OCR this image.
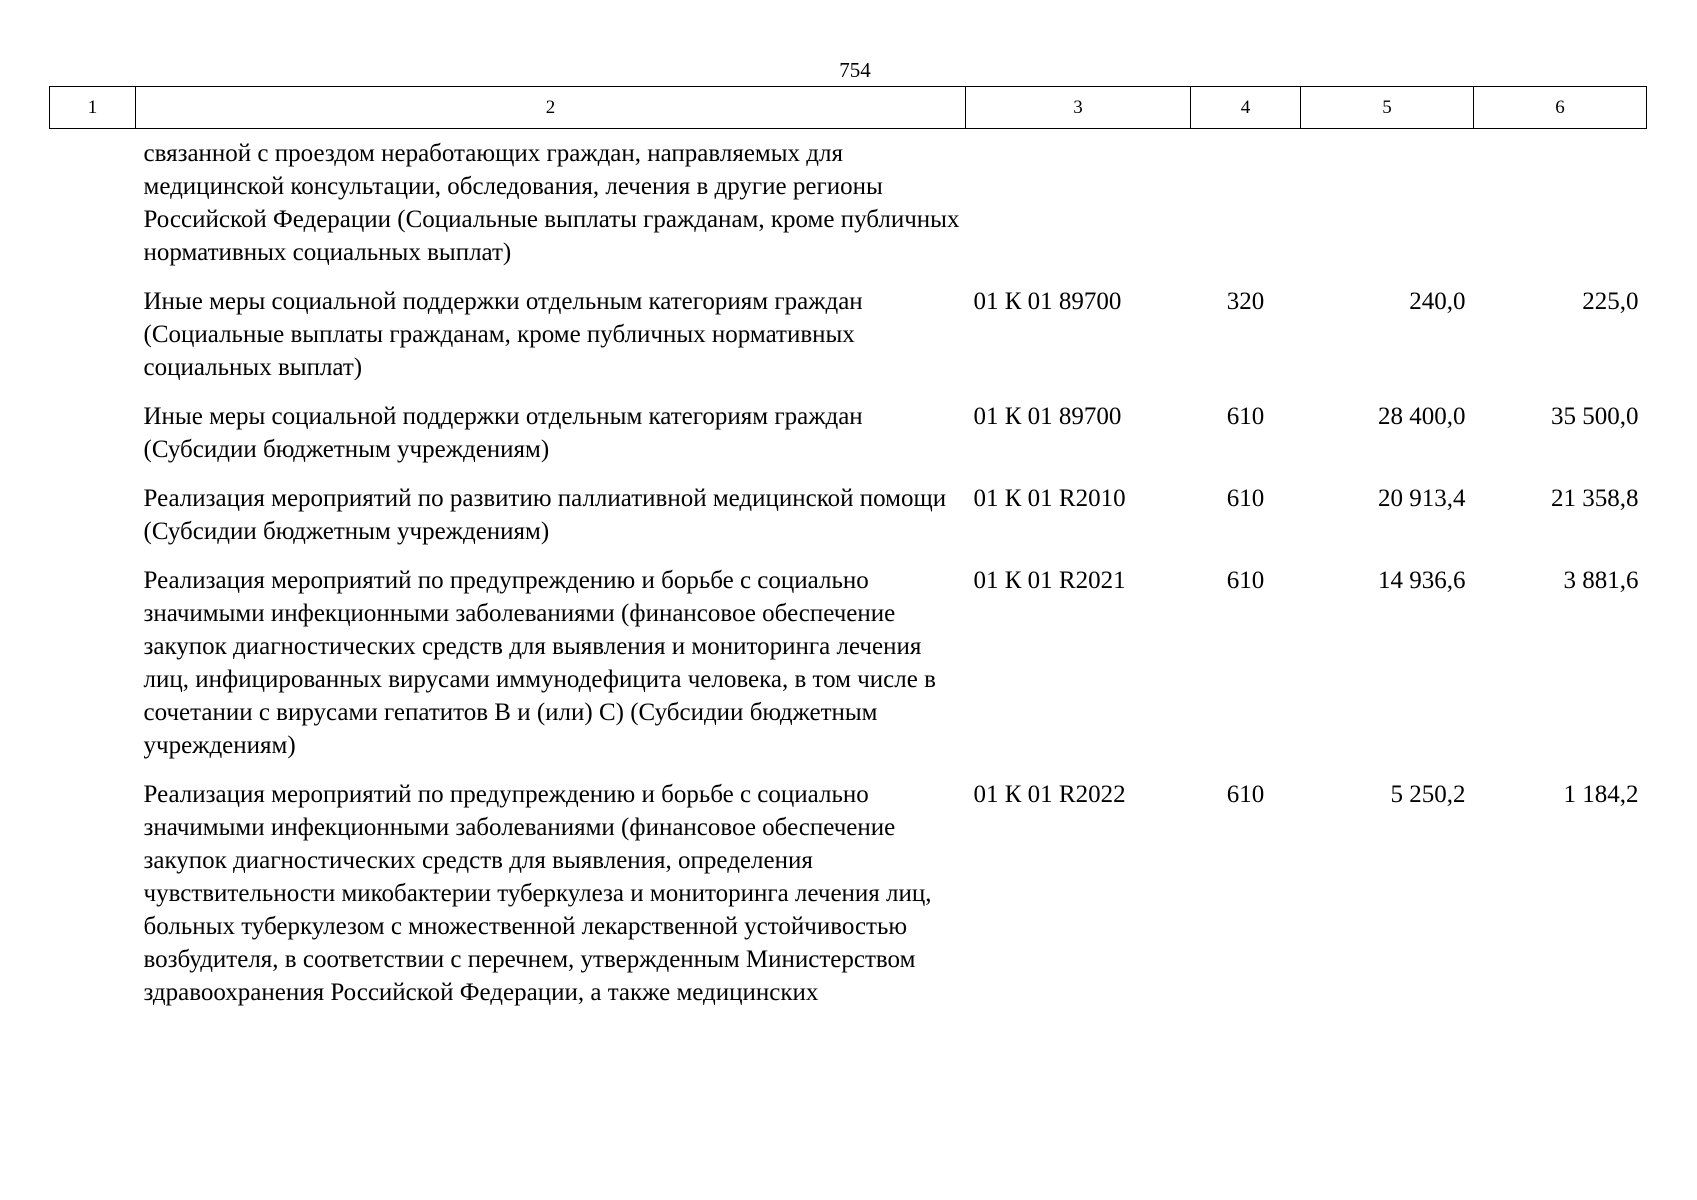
754
1	2	3	4	5	6
	связанной с проездом неработающих граждан, направляемых для медицинской консультации, обследования, лечения в другие регионы Российской Федерации (Социальные выплаты гражданам, кроме публичных нормативных социальных выплат)				
	Иные меры социальной поддержки отдельным категориям граждан (Социальные выплаты гражданам, кроме публичных нормативных социальных выплат)	01 К 01 89700	320	240,0	225,0
	Иные меры социальной поддержки отдельным категориям граждан (Субсидии бюджетным учреждениям)	01 К 01 89700	610	28 400,0	35 500,0
	Реализация мероприятий по развитию паллиативной медицинской помощи (Субсидии бюджетным учреждениям)	01 К 01 R2010	610	20 913,4	21 358,8
	Реализация мероприятий по предупреждению и борьбе с социально значимыми инфекционными заболеваниями (финансовое обеспечение закупок диагностических средств для выявления и мониторинга лечения лиц, инфицированных вирусами иммунодефицита человека, в том числе в сочетании с вирусами гепатитов В и (или) С) (Субсидии бюджетным учреждениям)	01 К 01 R2021	610	14 936,6	3 881,6
	Реализация мероприятий по предупреждению и борьбе с социально значимыми инфекционными заболеваниями (финансовое обеспечение закупок диагностических средств для выявления, определения чувствительности микобактерии туберкулеза и мониторинга лечения лиц, больных туберкулезом с множественной лекарственной устойчивостью возбудителя, в соответствии с перечнем, утвержденным Министерством здравоохранения Российской Федерации, а также медицинских	01 К 01 R2022	610	5 250,2	1 184,2
